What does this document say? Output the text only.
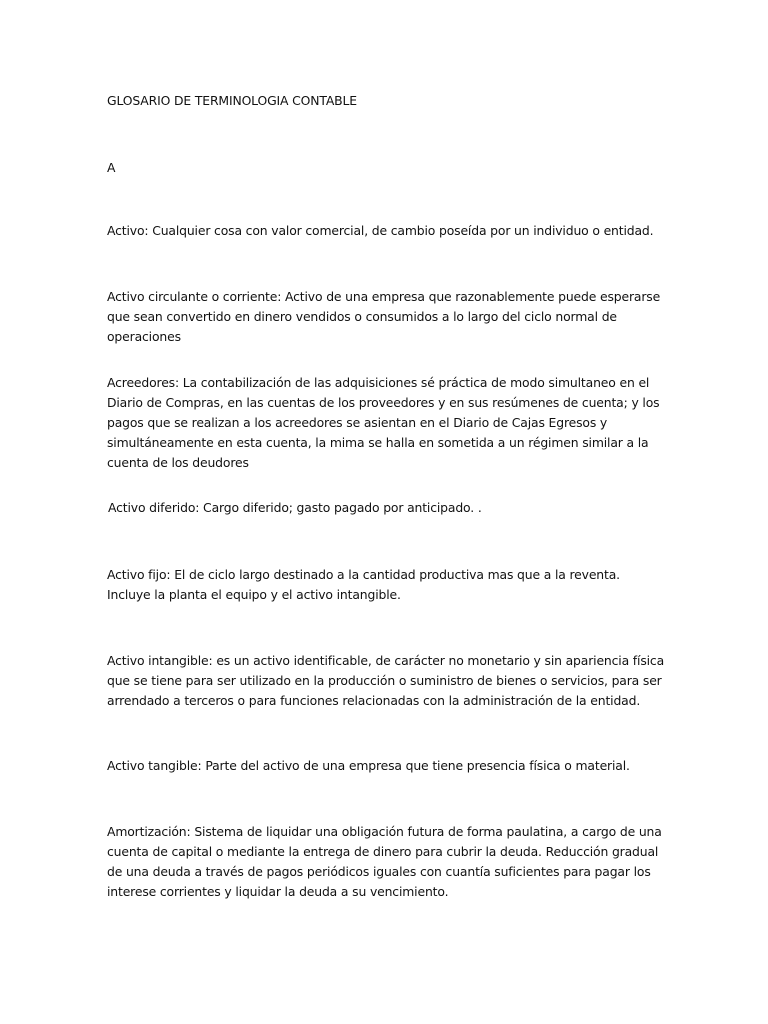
GLOSARIO DE TERMINOLOGIA CONTABLE

A

Activo: Cualquier cosa con valor comercial, de cambio poseída por un individuo o entidad.

Activo circulante o corriente: Activo de una empresa que razonablemente puede esperarse que sean convertido en dinero vendidos o consumidos a lo largo del ciclo normal de operaciones

Acreedores: La contabilización de las adquisiciones sé práctica de modo simultaneo en el Diario de Compras, en las cuentas de los proveedores y en sus resúmenes de cuenta; y los pagos que se realizan a los acreedores se asientan en el Diario de Cajas Egresos y simultáneamente en esta cuenta, la mima se halla en sometida a un régimen similar a la cuenta de los deudores

Activo diferido: Cargo diferido; gasto pagado por anticipado. .

Activo fijo: El de ciclo largo destinado a la cantidad productiva mas que a la reventa. Incluye la planta el equipo y el activo intangible.

Activo intangible: es un activo identificable, de carácter no monetario y sin apariencia física que se tiene para ser utilizado en la producción o suministro de bienes o servicios, para ser arrendado a terceros o para funciones relacionadas con la administración de la entidad.

Activo tangible: Parte del activo de una empresa que tiene presencia física o material.

Amortización: Sistema de liquidar una obligación futura de forma paulatina, a cargo de una cuenta de capital o mediante la entrega de dinero para cubrir la deuda. Reducción gradual de una deuda a través de pagos periódicos iguales con cuantía suficientes para pagar los interese corrientes y liquidar la deuda a su vencimiento.
